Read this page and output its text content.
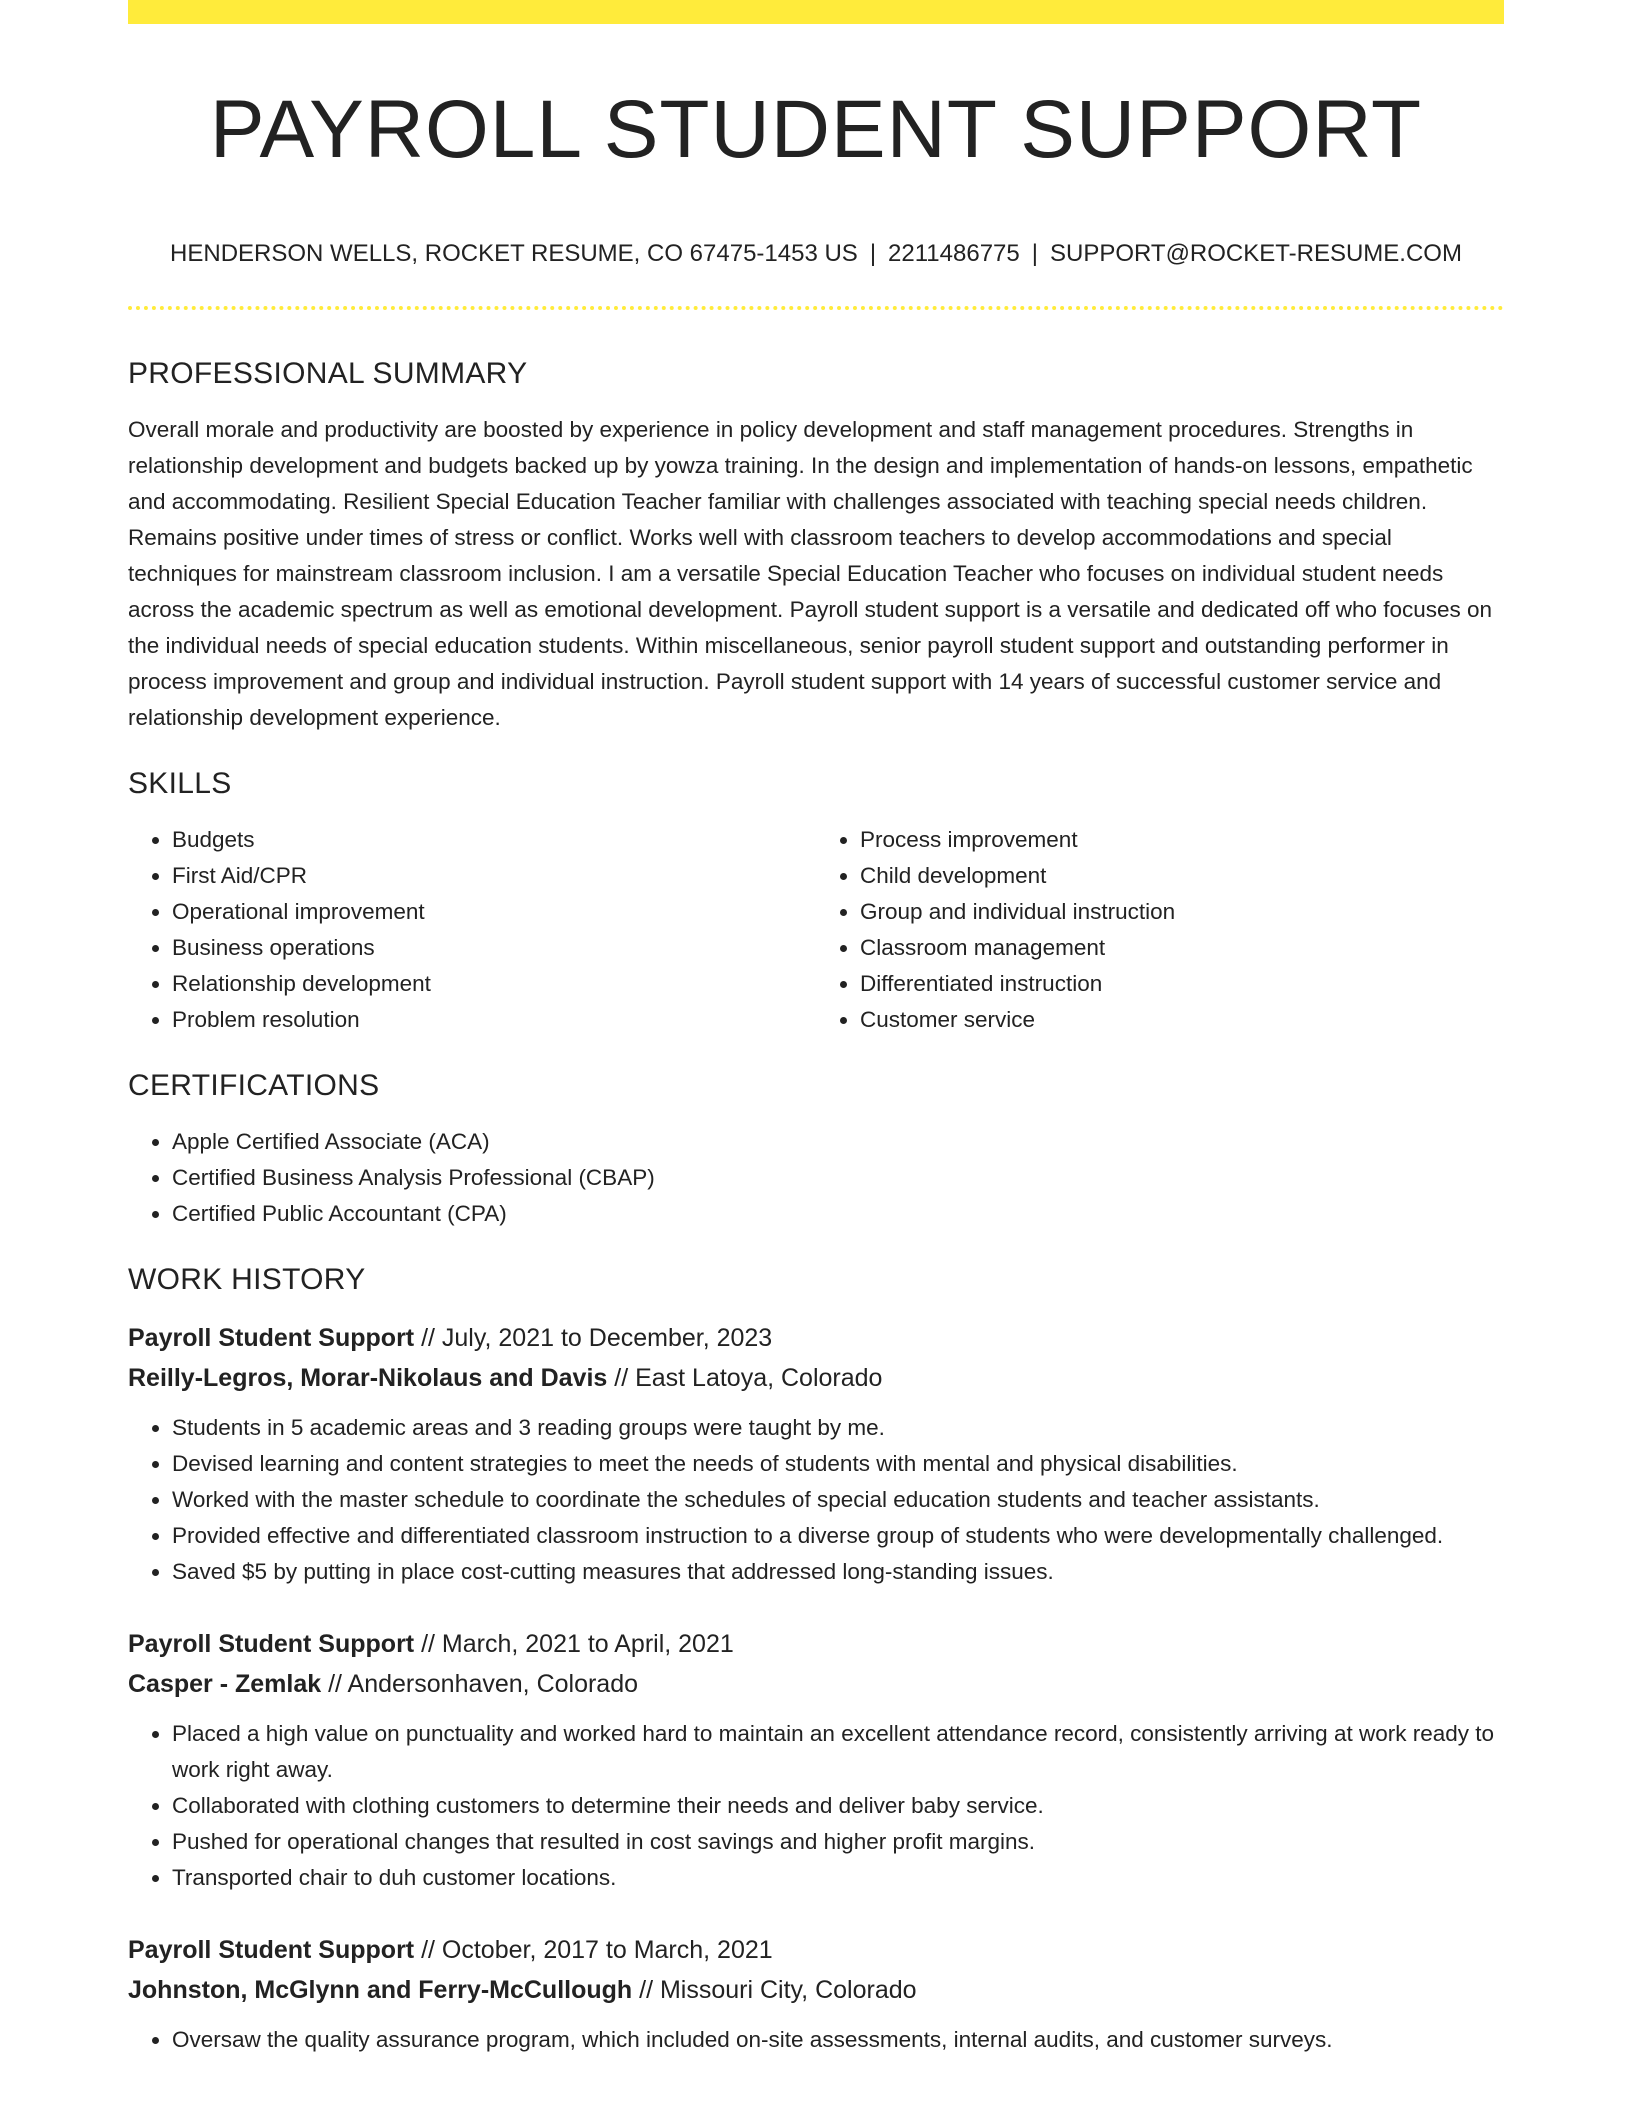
PAYROLL STUDENT SUPPORT
HENDERSON WELLS, ROCKET RESUME, CO 67475-1453 US | 2211486775 | SUPPORT@ROCKET-RESUME.COM
PROFESSIONAL SUMMARY

Overall morale and productivity are boosted by experience in policy development and staff management procedures. Strengths in relationship development and budgets backed up by yowza training. In the design and implementation of hands-on lessons, empathetic and accommodating. Resilient Special Education Teacher familiar with challenges associated with teaching special needs children. Remains positive under times of stress or conflict. Works well with classroom teachers to develop accommodations and special techniques for mainstream classroom inclusion. I am a versatile Special Education Teacher who focuses on individual student needs across the academic spectrum as well as emotional development. Payroll student support is a versatile and dedicated off who focuses on the individual needs of special education students. Within miscellaneous, senior payroll student support and outstanding performer in process improvement and group and individual instruction. Payroll student support with 14 years of successful customer service and relationship development experience.

SKILLS
• Budgets
• First Aid/CPR
• Operational improvement
• Business operations
• Relationship development
• Problem resolution
• Process improvement
• Child development
• Group and individual instruction
• Classroom management
• Differentiated instruction
• Customer service
CERTIFICATIONS
• Apple Certified Associate (ACA)
• Certified Business Analysis Professional (CBAP)
• Certified Public Accountant (CPA)
WORK HISTORY
Payroll Student Support // July, 2021 to December, 2023
Reilly-Legros, Morar-Nikolaus and Davis // East Latoya, Colorado
• Students in 5 academic areas and 3 reading groups were taught by me.
• Devised learning and content strategies to meet the needs of students with mental and physical disabilities.
• Worked with the master schedule to coordinate the schedules of special education students and teacher assistants.
• Provided effective and differentiated classroom instruction to a diverse group of students who were developmentally challenged.
• Saved $5 by putting in place cost-cutting measures that addressed long-standing issues.
Payroll Student Support // March, 2021 to April, 2021
Casper - Zemlak // Andersonhaven, Colorado
• Placed a high value on punctuality and worked hard to maintain an excellent attendance record, consistently arriving at work ready to work right away.
• Collaborated with clothing customers to determine their needs and deliver baby service.
• Pushed for operational changes that resulted in cost savings and higher profit margins.
• Transported chair to duh customer locations.
Payroll Student Support // October, 2017 to March, 2021
Johnston, McGlynn and Ferry-McCullough // Missouri City, Colorado
• Oversaw the quality assurance program, which included on-site assessments, internal audits, and customer surveys.
